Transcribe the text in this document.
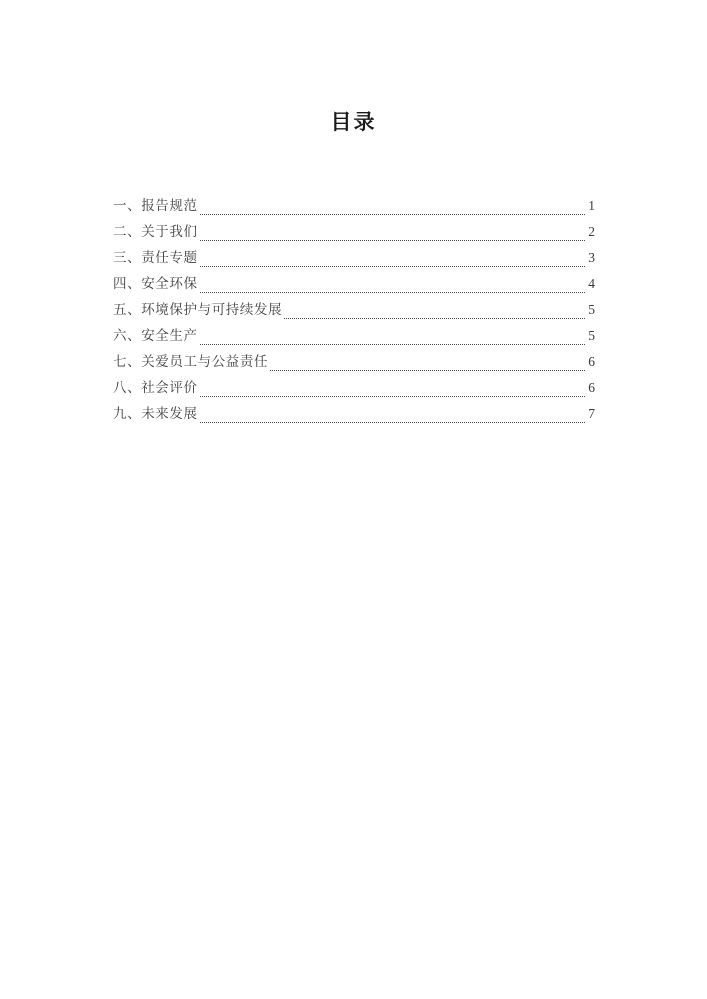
目录
一、报告规范	1
二、关于我们	2
三、责任专题	3
四、安全环保	4
五、环境保护与可持续发展	5
六、安全生产	5
七、关爱员工与公益责任	6
八、社会评价	6
九、未来发展	7
